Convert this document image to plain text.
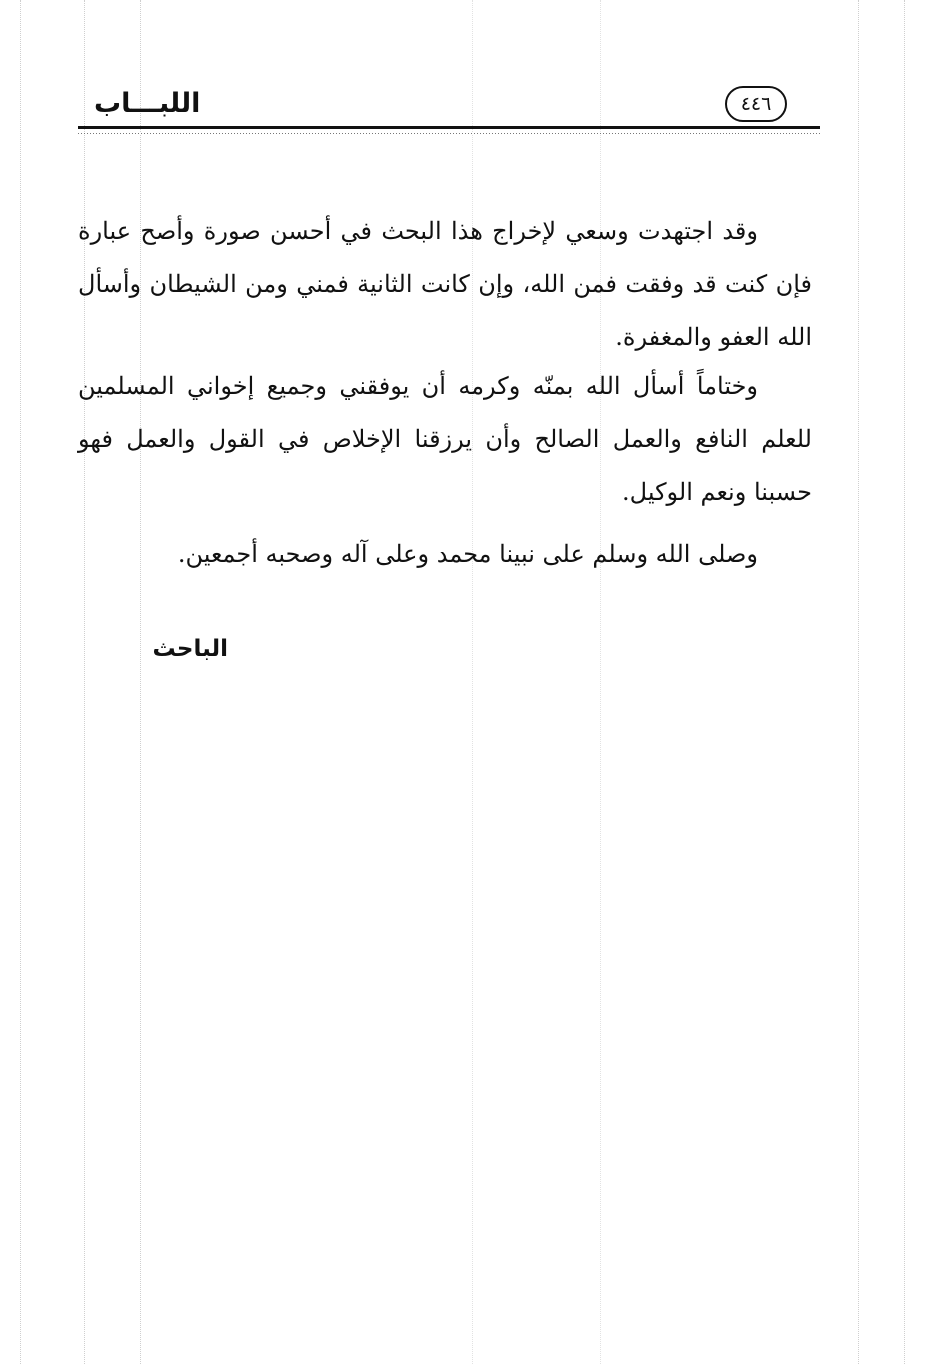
اللبـــاب	٤٤٦

وقد اجتهدت وسعي لإخراج هذا البحث في أحسن صورة وأصح عبارة فإن كنت قد وفقت فمن الله، وإن كانت الثانية فمني ومن الشيطان وأسأل الله العفو والمغفرة.

وختاماً أسأل الله بمنّه وكرمه أن يوفقني وجميع إخواني المسلمين للعلم النافع والعمل الصالح وأن يرزقنا الإخلاص في القول والعمل فهو حسبنا ونعم الوكيل.

وصلى الله وسلم على نبينا محمد وعلى آله وصحبه أجمعين.

الباحث
